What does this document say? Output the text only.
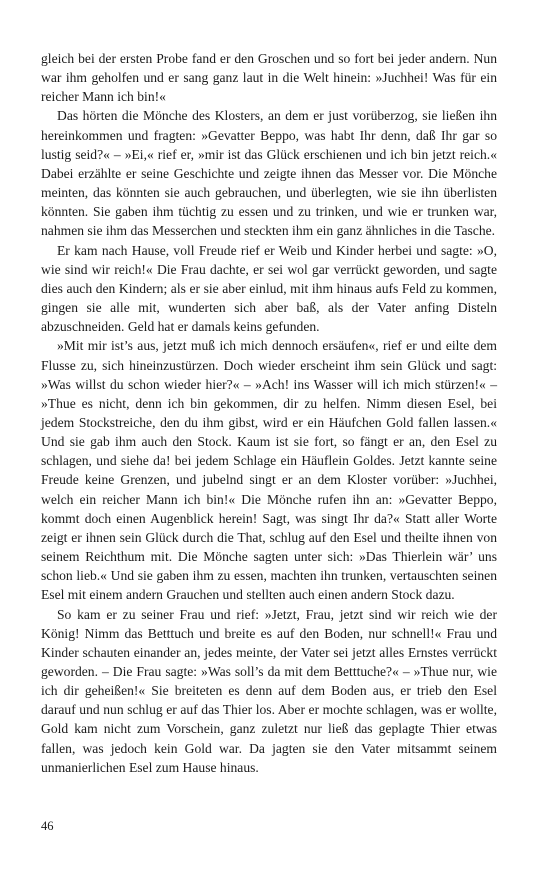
gleich bei der ersten Probe fand er den Groschen und so fort bei jeder andern. Nun war ihm geholfen und er sang ganz laut in die Welt hinein: »Juchhei! Was für ein reicher Mann ich bin!«

Das hörten die Mönche des Klosters, an dem er just vorüberzog, sie ließen ihn hereinkommen und fragten: »Gevatter Beppo, was habt Ihr denn, daß Ihr gar so lustig seid?« – »Ei,« rief er, »mir ist das Glück erschienen und ich bin jetzt reich.« Dabei erzählte er seine Geschichte und zeigte ihnen das Messer vor. Die Mönche meinten, das könnten sie auch gebrauchen, und überlegten, wie sie ihn überlisten könnten. Sie gaben ihm tüchtig zu essen und zu trinken, und wie er trunken war, nahmen sie ihm das Messerchen und steckten ihm ein ganz ähnliches in die Tasche.

Er kam nach Hause, voll Freude rief er Weib und Kinder herbei und sagte: »O, wie sind wir reich!« Die Frau dachte, er sei wol gar verrückt geworden, und sagte dies auch den Kindern; als er sie aber einlud, mit ihm hinaus aufs Feld zu kommen, gingen sie alle mit, wunderten sich aber baß, als der Vater anfing Disteln abzuschneiden. Geld hat er damals keins gefunden.

»Mit mir ist’s aus, jetzt muß ich mich dennoch ersäufen«, rief er und eilte dem Flusse zu, sich hineinzustürzen. Doch wieder erscheint ihm sein Glück und sagt: »Was willst du schon wieder hier?« – »Ach! ins Wasser will ich mich stürzen!« – »Thue es nicht, denn ich bin gekommen, dir zu helfen. Nimm diesen Esel, bei jedem Stockstreiche, den du ihm gibst, wird er ein Häufchen Gold fallen lassen.« Und sie gab ihm auch den Stock. Kaum ist sie fort, so fängt er an, den Esel zu schlagen, und siehe da! bei jedem Schlage ein Häuflein Goldes. Jetzt kannte seine Freude keine Grenzen, und jubelnd singt er an dem Kloster vorüber: »Juchhei, welch ein reicher Mann ich bin!« Die Mönche rufen ihn an: »Gevatter Beppo, kommt doch einen Augenblick herein! Sagt, was singt Ihr da?« Statt aller Worte zeigt er ihnen sein Glück durch die That, schlug auf den Esel und theilte ihnen von seinem Reichthum mit. Die Mönche sagten unter sich: »Das Thierlein wär’ uns schon lieb.« Und sie gaben ihm zu essen, machten ihn trunken, vertauschten seinen Esel mit einem andern Grauchen und stellten auch einen andern Stock dazu.

So kam er zu seiner Frau und rief: »Jetzt, Frau, jetzt sind wir reich wie der König! Nimm das Betttuch und breite es auf den Boden, nur schnell!« Frau und Kinder schauten einander an, jedes meinte, der Vater sei jetzt alles Ernstes verrückt geworden. – Die Frau sagte: »Was soll’s da mit dem Betttuche?« – »Thue nur, wie ich dir geheißen!« Sie breiteten es denn auf dem Boden aus, er trieb den Esel darauf und nun schlug er auf das Thier los. Aber er mochte schlagen, was er wollte, Gold kam nicht zum Vorschein, ganz zuletzt nur ließ das geplagte Thier etwas fallen, was jedoch kein Gold war. Da jagten sie den Vater mitsammt seinem unmanierlichen Esel zum Hause hinaus.

46
